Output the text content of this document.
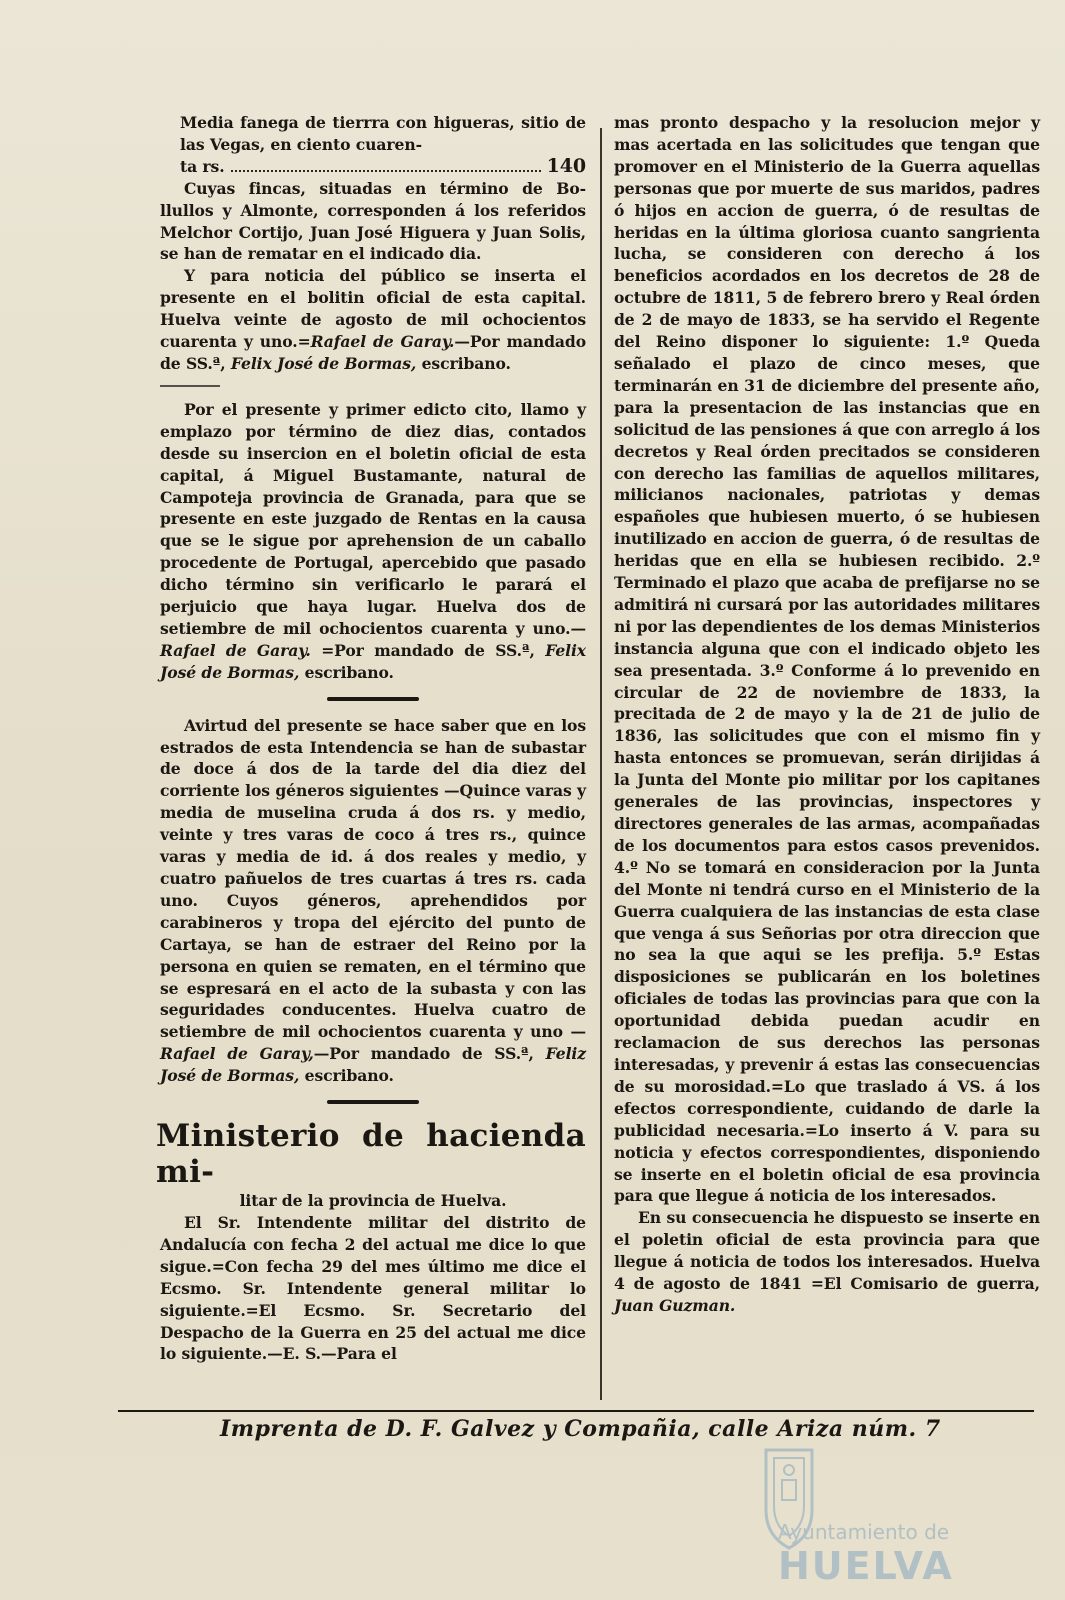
Media fanega de tierrra con higueras, sitio de las Vegas, en ciento cuaren-

ta rs.	140

Cuyas fincas, situadas en término de Bo-llullos y Almonte, corresponden á los referidos Melchor Cortijo, Juan José Higuera y Juan Solis, se han de rematar en el indicado dia.

Y para noticia del público se inserta el presente en el bolitin oficial de esta capital. Huelva veinte de agosto de mil ochocientos cuarenta y uno.=Rafael de Garay.—Por mandado de SS.ª, Felix José de Bormas, escribano.

Por el presente y primer edicto cito, llamo y emplazo por término de diez dias, contados desde su insercion en el boletin oficial de esta capital, á Miguel Bustamante, natural de Campoteja provincia de Granada, para que se presente en este juzgado de Rentas en la causa que se le sigue por aprehension de un caballo procedente de Portugal, apercebido que pasado dicho término sin verificarlo le parará el perjuicio que haya lugar. Huelva dos de setiembre de mil ochocientos cuarenta y uno.—Rafael de Garay. =Por mandado de SS.ª, Felix José de Bormas, escribano.

Avirtud del presente se hace saber que en los estrados de esta Intendencia se han de subastar de doce á dos de la tarde del dia diez del corriente los géneros siguientes —Quince varas y media de muselina cruda á dos rs. y medio, veinte y tres varas de coco á tres rs., quince varas y media de id. á dos reales y medio, y cuatro pañuelos de tres cuartas á tres rs. cada uno. Cuyos géneros, aprehendidos por carabineros y tropa del ejército del punto de Cartaya, se han de estraer del Reino por la persona en quien se rematen, en el término que se espresará en el acto de la subasta y con las seguridades conducentes. Huelva cuatro de setiembre de mil ochocientos cuarenta y uno —Rafael de Garay,—Por mandado de SS.ª, Feliz José de Bormas, escribano.

Ministerio de hacienda mi-

litar de la provincia de Huelva.

El Sr. Intendente militar del distrito de Andalucía con fecha 2 del actual me dice lo que sigue.=Con fecha 29 del mes último me dice el Ecsmo. Sr. Intendente general militar lo siguiente.=El Ecsmo. Sr. Secretario del Despacho de la Guerra en 25 del actual me dice lo siguiente.—E. S.—Para el

mas pronto despacho y la resolucion mejor y mas acertada en las solicitudes que tengan que promover en el Ministerio de la Guerra aquellas personas que por muerte de sus maridos, padres ó hijos en accion de guerra, ó de resultas de heridas en la última gloriosa cuanto sangrienta lucha, se consideren con derecho á los beneficios acordados en los decretos de 28 de octubre de 1811, 5 de febrero brero y Real órden de 2 de mayo de 1833, se ha servido el Regente del Reino disponer lo siguiente: 1.º Queda señalado el plazo de cinco meses, que terminarán en 31 de diciembre del presente año, para la presentacion de las instancias que en solicitud de las pensiones á que con arreglo á los decretos y Real órden precitados se consideren con derecho las familias de aquellos militares, milicianos nacionales, patriotas y demas españoles que hubiesen muerto, ó se hubiesen inutilizado en accion de guerra, ó de resultas de heridas que en ella se hubiesen recibido. 2.º Terminado el plazo que acaba de prefijarse no se admitirá ni cursará por las autoridades militares ni por las dependientes de los demas Ministerios instancia alguna que con el indicado objeto les sea presentada. 3.º Conforme á lo prevenido en circular de 22 de noviembre de 1833, la precitada de 2 de mayo y la de 21 de julio de 1836, las solicitudes que con el mismo fin y hasta entonces se promuevan, serán dirijidas á la Junta del Monte pio militar por los capitanes generales de las provincias, inspectores y directores generales de las armas, acompañadas de los documentos para estos casos prevenidos. 4.º No se tomará en consideracion por la Junta del Monte ni tendrá curso en el Ministerio de la Guerra cualquiera de las instancias de esta clase que venga á sus Señorias por otra direccion que no sea la que aqui se les prefija. 5.º Estas disposiciones se publicarán en los boletines oficiales de todas las provincias para que con la oportunidad debida puedan acudir en reclamacion de sus derechos las personas interesadas, y prevenir á estas las consecuencias de su morosidad.=Lo que traslado á VS. á los efectos correspondiente, cuidando de darle la publicidad necesaria.=Lo inserto á V. para su noticia y efectos correspondientes, disponiendo se inserte en el boletin oficial de esa provincia para que llegue á noticia de los interesados.

En su consecuencia he dispuesto se inserte en el poletin oficial de esta provincia para que llegue á noticia de todos los interesados. Huelva 4 de agosto de 1841 =El Comisario de guerra, Juan Guzman.

Imprenta de D. F. Galvez y Compañia, calle Ariza núm. 7
Ayuntamiento de
HUELVA
